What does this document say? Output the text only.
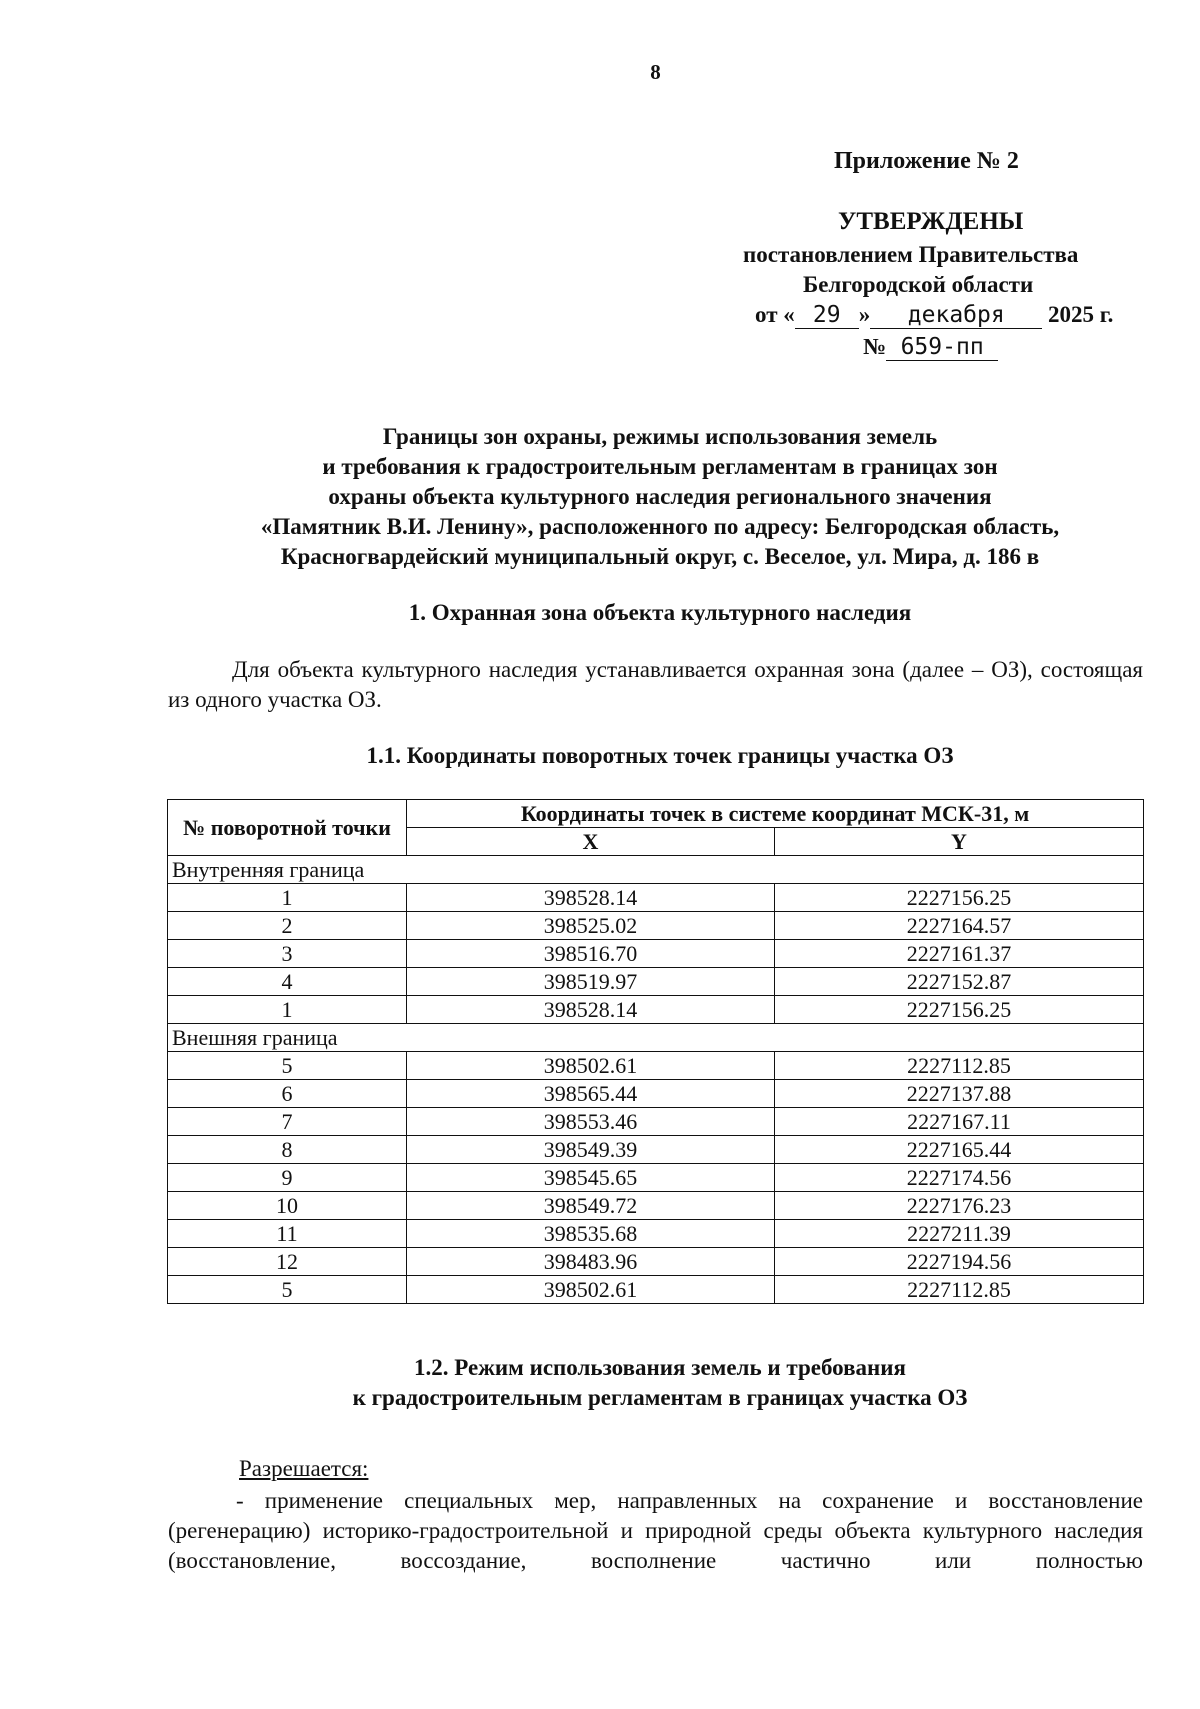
8
Приложение № 2
УТВЕРЖДЕНЫ
постановлением Правительства
Белгородской области
от « 29 » декабря 2025 г.
№ 659-пп
Границы зон охраны, режимы использования земель
и требования к градостроительным регламентам в границах зон
охраны объекта культурного наследия регионального значения
«Памятник В.И. Ленину», расположенного по адресу: Белгородская область,
Красногвардейский муниципальный округ, с. Веселое, ул. Мира, д. 186 в
1. Охранная зона объекта культурного наследия
Для объекта культурного наследия устанавливается охранная зона (далее – ОЗ), состоящая из одного участка ОЗ.
1.1. Координаты поворотных точек границы участка ОЗ
№ поворотной точки	Координаты точек в системе координат МСК-31, м	
	X	Y
Внутренняя граница		
1	398528.14	2227156.25
2	398525.02	2227164.57
3	398516.70	2227161.37
4	398519.97	2227152.87
1	398528.14	2227156.25
Внешняя граница		
5	398502.61	2227112.85
6	398565.44	2227137.88
7	398553.46	2227167.11
8	398549.39	2227165.44
9	398545.65	2227174.56
10	398549.72	2227176.23
11	398535.68	2227211.39
12	398483.96	2227194.56
5	398502.61	2227112.85
1.2. Режим использования земель и требования
к градостроительным регламентам в границах участка ОЗ
Разрешается:
- применение специальных мер, направленных на сохранение и восстановление (регенерацию) историко-градостроительной и природной среды объекта культурного наследия (восстановление, воссоздание, восполнение частично или полностью
